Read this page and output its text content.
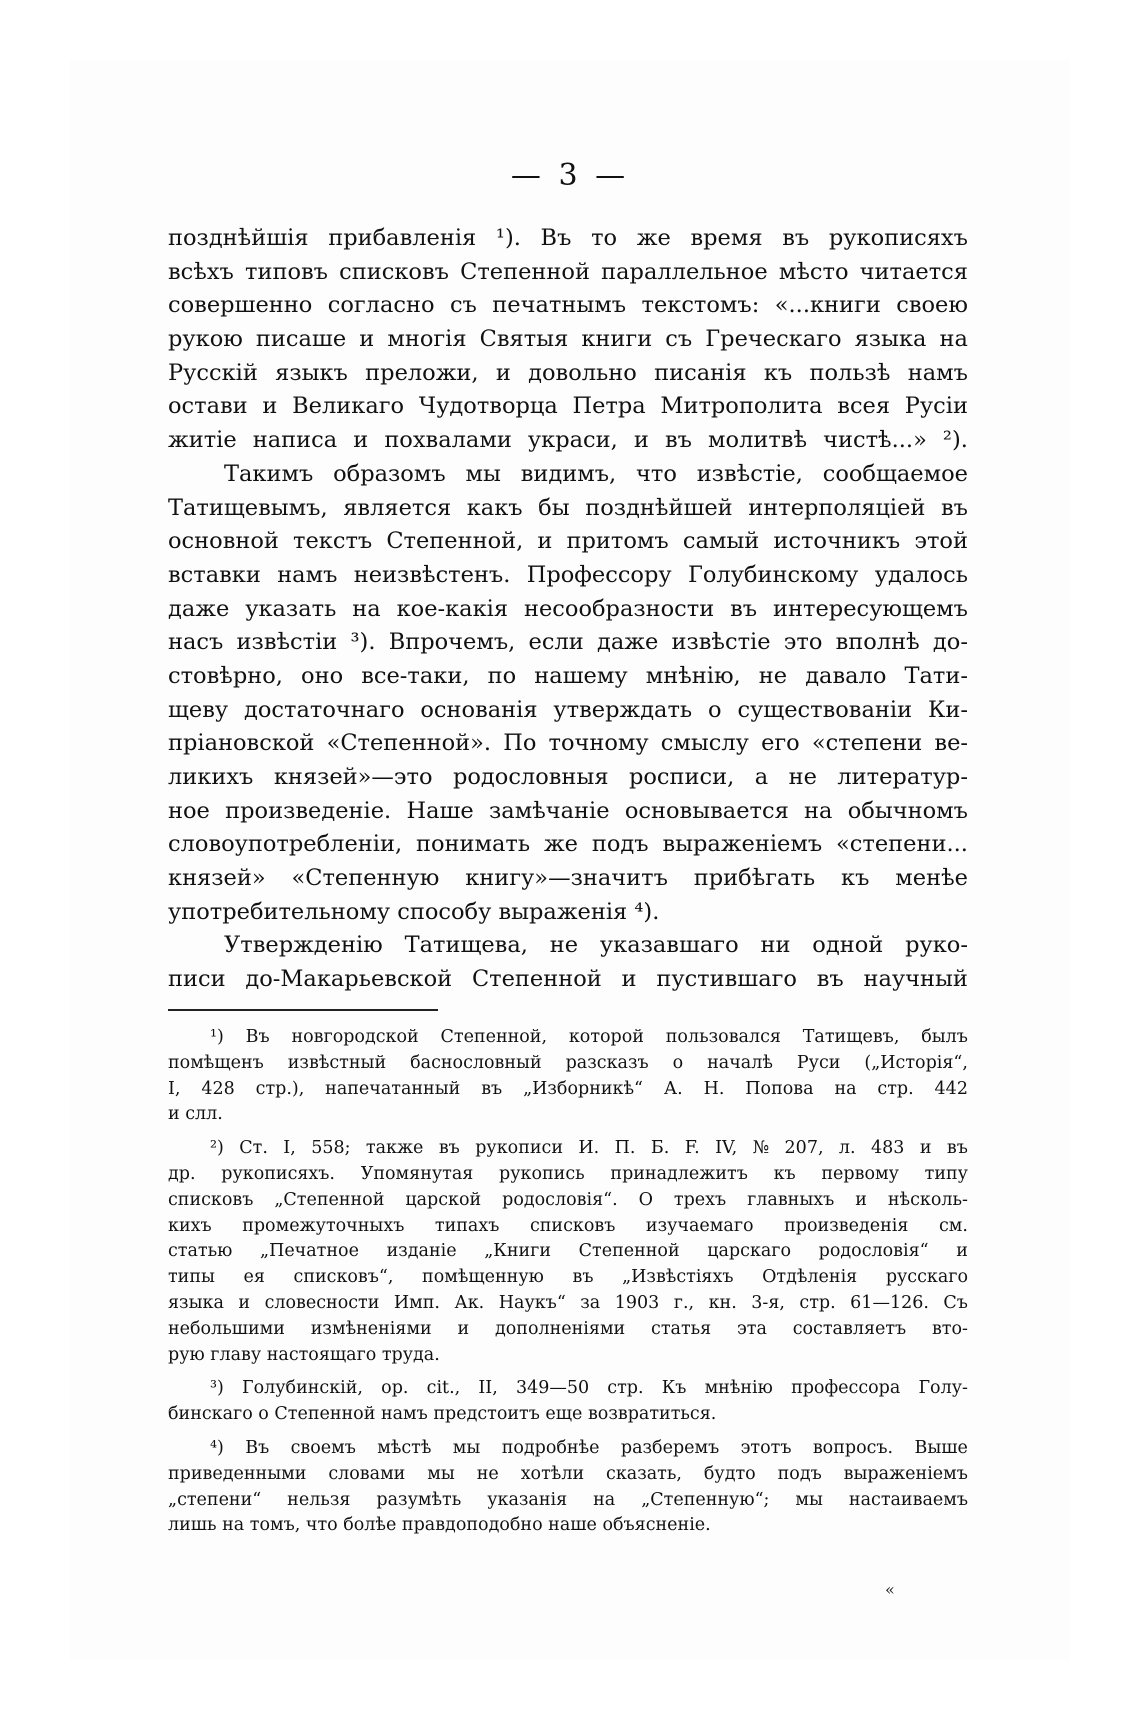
— 3 —
позднѣйшія прибавленія ¹). Въ то же время въ рукописяхъ
всѣхъ типовъ списковъ Степенной параллельное мѣсто читается
совершенно согласно съ печатнымъ текстомъ: «...книги своею
рукою писаше и многія Святыя книги съ Греческаго языка на
Русскій языкъ преложи, и довольно писанія къ пользѣ намъ
остави и Великаго Чудотворца Петра Митрополита всея Русіи
житіе написа и похвалами украси, и въ молитвѣ чистѣ...» ²).
Такимъ образомъ мы видимъ, что извѣстіе, сообщаемое
Татищевымъ, является какъ бы позднѣйшей интерполяціей въ
основной текстъ Степенной, и притомъ самый источникъ этой
вставки намъ неизвѣстенъ. Профессору Голубинскому удалось
даже указать на кое-какія несообразности въ интересующемъ
насъ извѣстіи ³). Впрочемъ, если даже извѣстіе это вполнѣ до-
стовѣрно, оно все-таки, по нашему мнѣнію, не давало Тати-
щеву достаточнаго основанія утверждать о существованіи Ки-
пріановской «Степенной». По точному смыслу его «степени ве-
ликихъ князей»—это родословныя росписи, а не литератур-
ное произведеніе. Наше замѣчаніе основывается на обычномъ
словоупотребленіи, понимать же подъ выраженіемъ «степени...
князей» «Степенную книгу»—значитъ прибѣгать къ менѣе
употребительному способу выраженія ⁴).
Утвержденію Татищева, не указавшаго ни одной руко-
писи до-Макарьевской Степенной и пустившаго въ научный
¹) Въ новгородской Степенной, которой пользовался Татищевъ, былъ
помѣщенъ извѣстный баснословный разсказъ о началѣ Руси („Исторія“,
I, 428 стр.), напечатанный въ „Изборникѣ“ А. Н. Попова на стр. 442
и слл.
²) Ст. I, 558; также въ рукописи И. П. Б. F. IV, № 207, л. 483 и въ
др. рукописяхъ. Упомянутая рукопись принадлежитъ къ первому типу
списковъ „Степенной царской родословія“. О трехъ главныхъ и нѣсколь-
кихъ промежуточныхъ типахъ списковъ изучаемаго произведенія см.
статью „Печатное изданіе „Книги Степенной царскаго родословія“ и
типы ея списковъ“, помѣщенную въ „Извѣстіяхъ Отдѣленія русскаго
языка и словесности Имп. Ак. Наукъ“ за 1903 г., кн. 3-я, стр. 61—126. Съ
небольшими измѣненіями и дополненіями статья эта составляетъ вто-
рую главу настоящаго труда.
³) Голубинскій, op. cit., II, 349—50 стр. Къ мнѣнію профессора Голу-
бинскаго о Степенной намъ предстоитъ еще возвратиться.
⁴) Въ своемъ мѣстѣ мы подробнѣе разберемъ этотъ вопросъ. Выше
приведенными словами мы не хотѣли сказать, будто подъ выраженіемъ
„степени“ нельзя разумѣть указанія на „Степенную“; мы настаиваемъ
лишь на томъ, что болѣе правдоподобно наше объясненіе.
«
